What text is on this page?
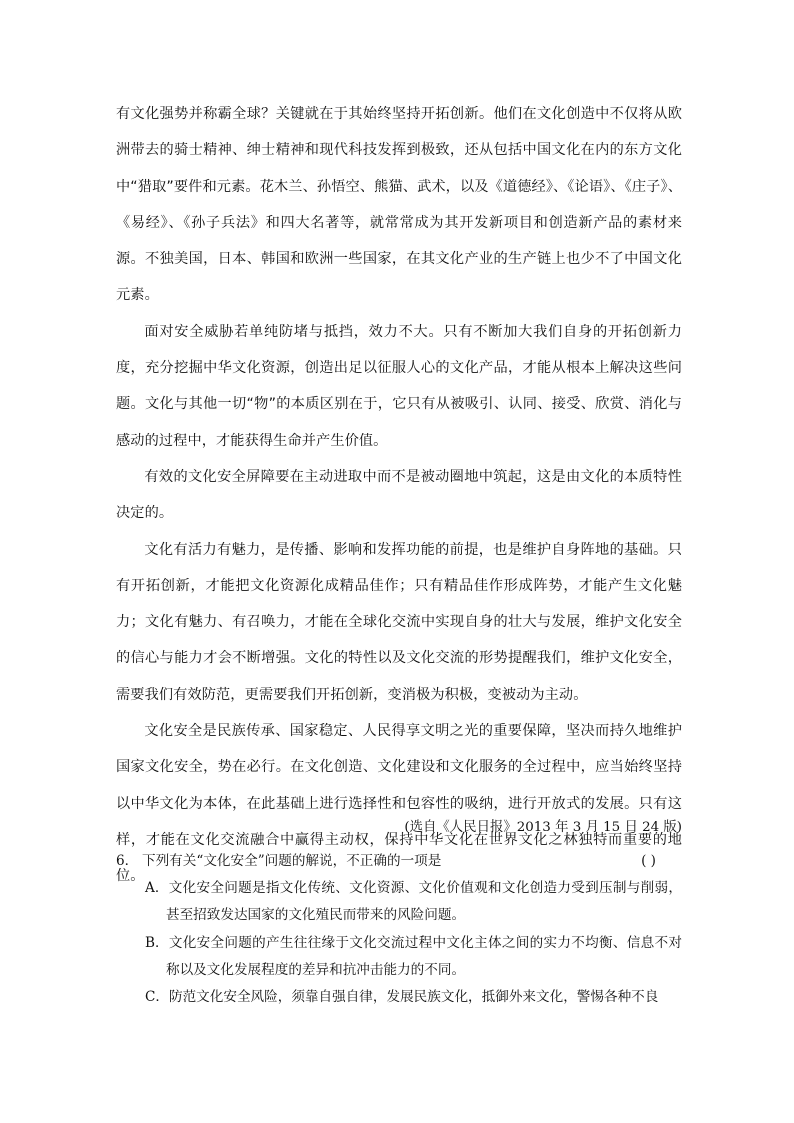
有文化强势并称霸全球？关键就在于其始终坚持开拓创新。他们在文化创造中不仅将从欧洲带去的骑士精神、绅士精神和现代科技发挥到极致，还从包括中国文化在内的东方文化中“猎取”要件和元素。花木兰、孙悟空、熊猫、武术，以及《道德经》、《论语》、《庄子》、《易经》、《孙子兵法》和四大名著等，就常常成为其开发新项目和创造新产品的素材来源。不独美国，日本、韩国和欧洲一些国家，在其文化产业的生产链上也少不了中国文化元素。

面对安全威胁若单纯防堵与抵挡，效力不大。只有不断加大我们自身的开拓创新力度，充分挖掘中华文化资源，创造出足以征服人心的文化产品，才能从根本上解决这些问题。文化与其他一切“物”的本质区别在于，它只有从被吸引、认同、接受、欣赏、消化与感动的过程中，才能获得生命并产生价值。

有效的文化安全屏障要在主动进取中而不是被动圈地中筑起，这是由文化的本质特性决定的。

文化有活力有魅力，是传播、影响和发挥功能的前提，也是维护自身阵地的基础。只有开拓创新，才能把文化资源化成精品佳作；只有精品佳作形成阵势，才能产生文化魅力；文化有魅力、有召唤力，才能在全球化交流中实现自身的壮大与发展，维护文化安全的信心与能力才会不断增强。文化的特性以及文化交流的形势提醒我们，维护文化安全，需要我们有效防范，更需要我们开拓创新，变消极为积极，变被动为主动。

文化安全是民族传承、国家稳定、人民得享文明之光的重要保障，坚决而持久地维护国家文化安全，势在必行。在文化创造、文化建设和文化服务的全过程中，应当始终坚持以中华文化为本体，在此基础上进行选择性和包容性的吸纳，进行开放式的发展。只有这样，才能在文化交流融合中赢得主动权，保持中华文化在世界文化之林独特而重要的地位。

(选自《人民日报》2013 年 3 月 15 日 24 版)
6． 下列有关“文化安全”问题的解说，不正确的一项是	( )
A．文化安全问题是指文化传统、文化资源、文化价值观和文化创造力受到压制与削弱，甚至招致发达国家的文化殖民而带来的风险问题。
B．文化安全问题的产生往往缘于文化交流过程中文化主体之间的实力不均衡、信息不对称以及文化发展程度的差异和抗冲击能力的不同。
C．防范文化安全风险，须靠自强自律，发展民族文化，抵御外来文化，警惕各种不良
